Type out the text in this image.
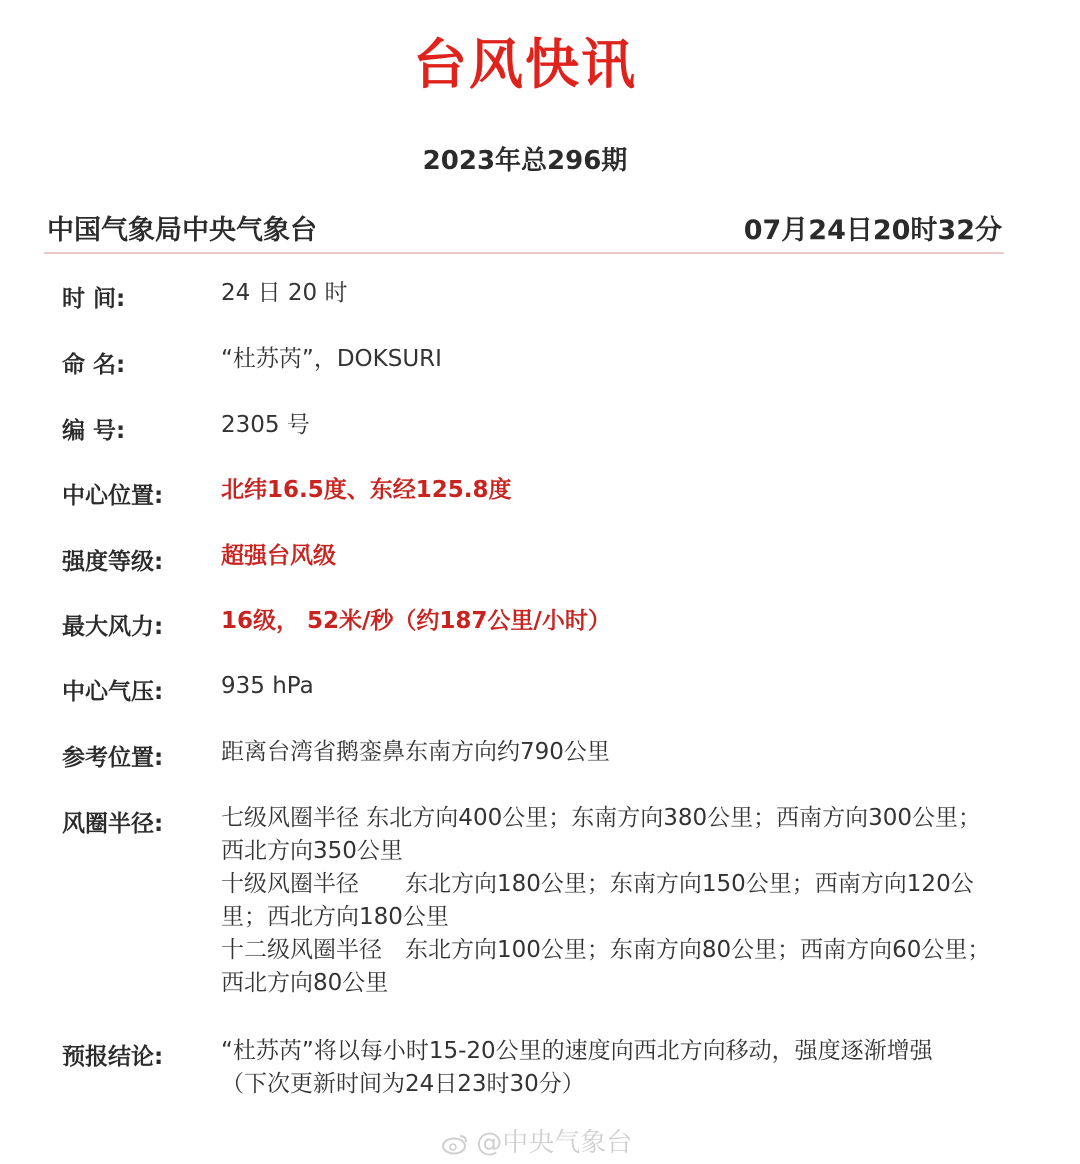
台风快讯
2023年总296期
中国气象局中央气象台	07月24日20时32分
时 间:	24 日 20 时
命 名:	“杜苏芮”，DOKSURI
编 号:	2305 号
中心位置:	北纬16.5度、东经125.8度
强度等级:	超强台风级
最大风力:	16级， 52米/秒（约187公里/小时）
中心气压:	935 hPa
参考位置:	距离台湾省鹅銮鼻东南方向约790公里
风圈半径:	七级风圈半径 东北方向400公里；东南方向380公里；西南方向300公里；西北方向350公里
十级风圈半径　　东北方向180公里；东南方向150公里；西南方向120公里；西北方向180公里
十二级风圈半径　东北方向100公里；东南方向80公里；西南方向60公里；西北方向80公里
预报结论:	“杜苏芮”将以每小时15-20公里的速度向西北方向移动，强度逐渐增强
（下次更新时间为24日23时30分）
@中央气象台
